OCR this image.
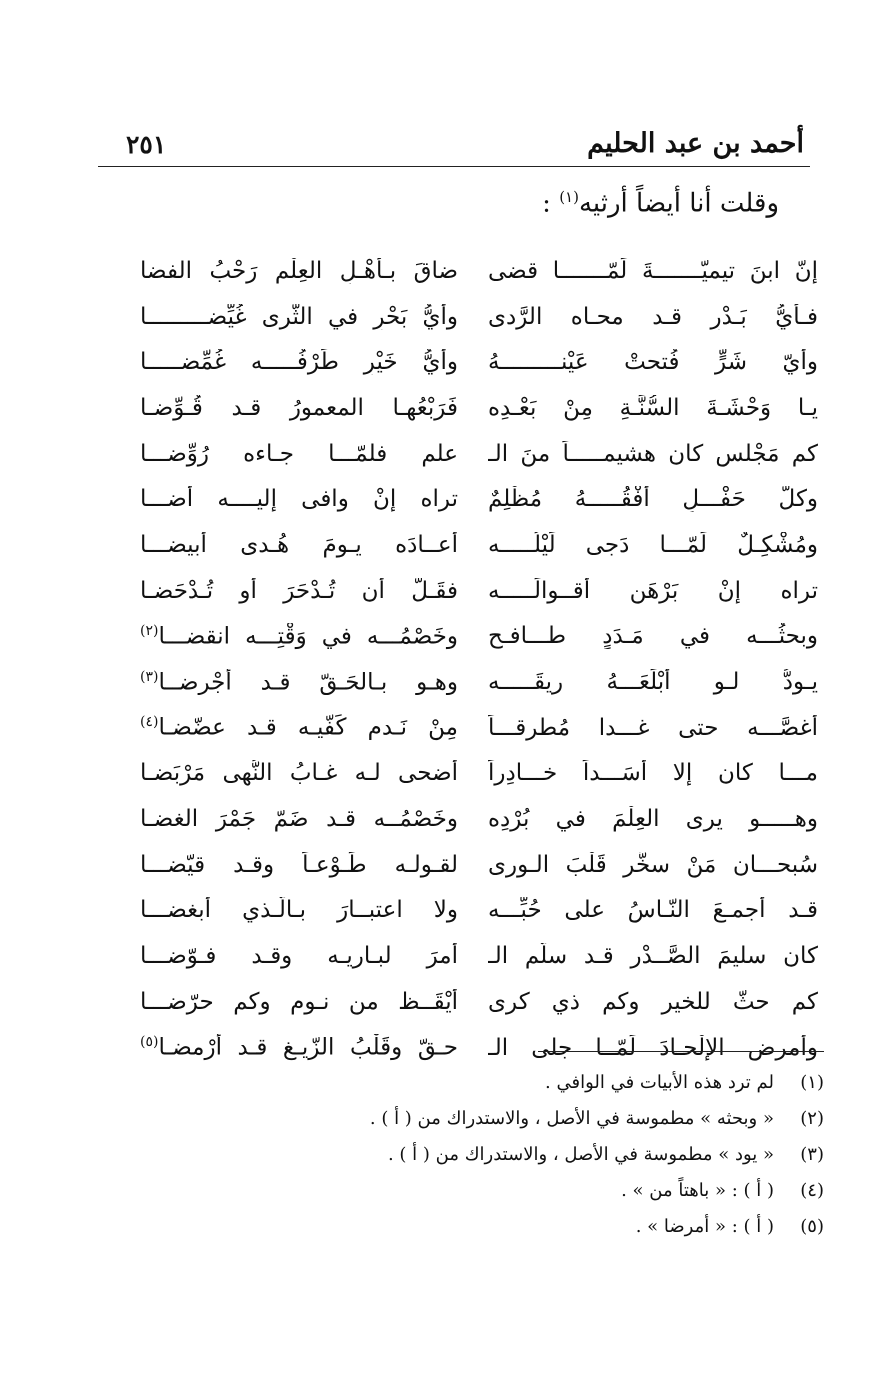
أحمد بن عبد الحليم
٢٥١
وقلت أنا أيضاً أرثيه$^{(١)}$ :
إنّ ابنَ تيميّـــــــةَ لَمّـــــــا قضى
ضاقَ بـأَهْـلِ العِلْمِ رَحْبُ الفضا
فـأيُّ بَـدْرٍ قـد محـاه الرَّدى
وأيُّ بَحْرٍ في الثّرى غُيِّضـــــــــا
وأيّ شَرٍّ فُتحتْ عَيْنـــــــــهُ
وأيُّ خَيْرٍ طَرْفُـــــه غُمِّضـــــا
يـا وَحْشَـةَ السُّنَّـةِ مِنْ بَعْـدِه
فَرَبْعُهـا المعمورُ قـد قُـوِّضـا
كم مَجْلسٍ كان هشيمـــــاً منَ الـ
علمِ فلمّـــا جـاءه رُوِّضـــا
وكلُّ حَفْـــلٍ أفْقُـــــهُ مُظْلِمٌ
تراه إنْ وافى إليــــه أضـــا
ومُشْكِـلٌ لَمّـــا دَجى لَيْلُـــــه
أعــادَه يـومَ هُـدى أبيضـــا
تراه إنْ بَرْهَن أقــوالَـــــه
فقَـلَّ أن تُـدْحَرَ أو تُـدْحَضـا
وبحثُـــه في مَـدَدٍ طـــافـحٍ
وخَصْمُـــه في وَقْتِـــه انقضـــا$^{(٢)}$
يـودُّ لـو أبْلَعَـــهُ رِيقَـــــه
وهـو بـالحَـقّ قـد أُجْرِضــا$^{(٣)}$
أغصَّـــه حتى غـــدا مُطرقـــاً
مِنْ نَـدمٍ كَفّيـه قـد عضّضـا$^{(٤)}$
مـــا كان إلا أَسَـــداً خـــادِراً
أضحى لـه غـابُ النُّهى مَرْبَضـا
وهـــــو يرى العِلْمَ في بُرْدِه
وخَصْمُــه قـد ضَمّ جَمْرَ الغضـا
سُبحـــان مَنْ سخَّر قَلْبَ الـورى
لقـولـه طَـوْعـاً وقـد قيّضـــا
قـد أجمـعَ النّـاسُ على حُبِّـــه
ولا اعتبــارَ بـالّـذي أبغضـــا
كان سليمَ الصَّــدْرِ قـد سلّم الـ
أمرَ لبـاريـه وقـد فـوّضـــا
كم حثّ للخير وكم ذي كرى
أيْقَــظ من نـومٍ وكم حرّضـــا
وأمرض الإلْحـادَ لَمّــا جلى الـ
حـقّ وقَلْبُ الزّيـغِ قـد أرْمضـا$^{(٥)}$
(١)
لم ترد هذه الأبيات في الوافي .
(٢)
« وبحثه » مطموسة في الأصل ، والاستدراك من ( أ ) .
(٣)
« يود » مطموسة في الأصل ، والاستدراك من ( أ ) .
(٤)
( أ ) : « باهتاً من » .
(٥)
( أ ) : « أمرضا » .
